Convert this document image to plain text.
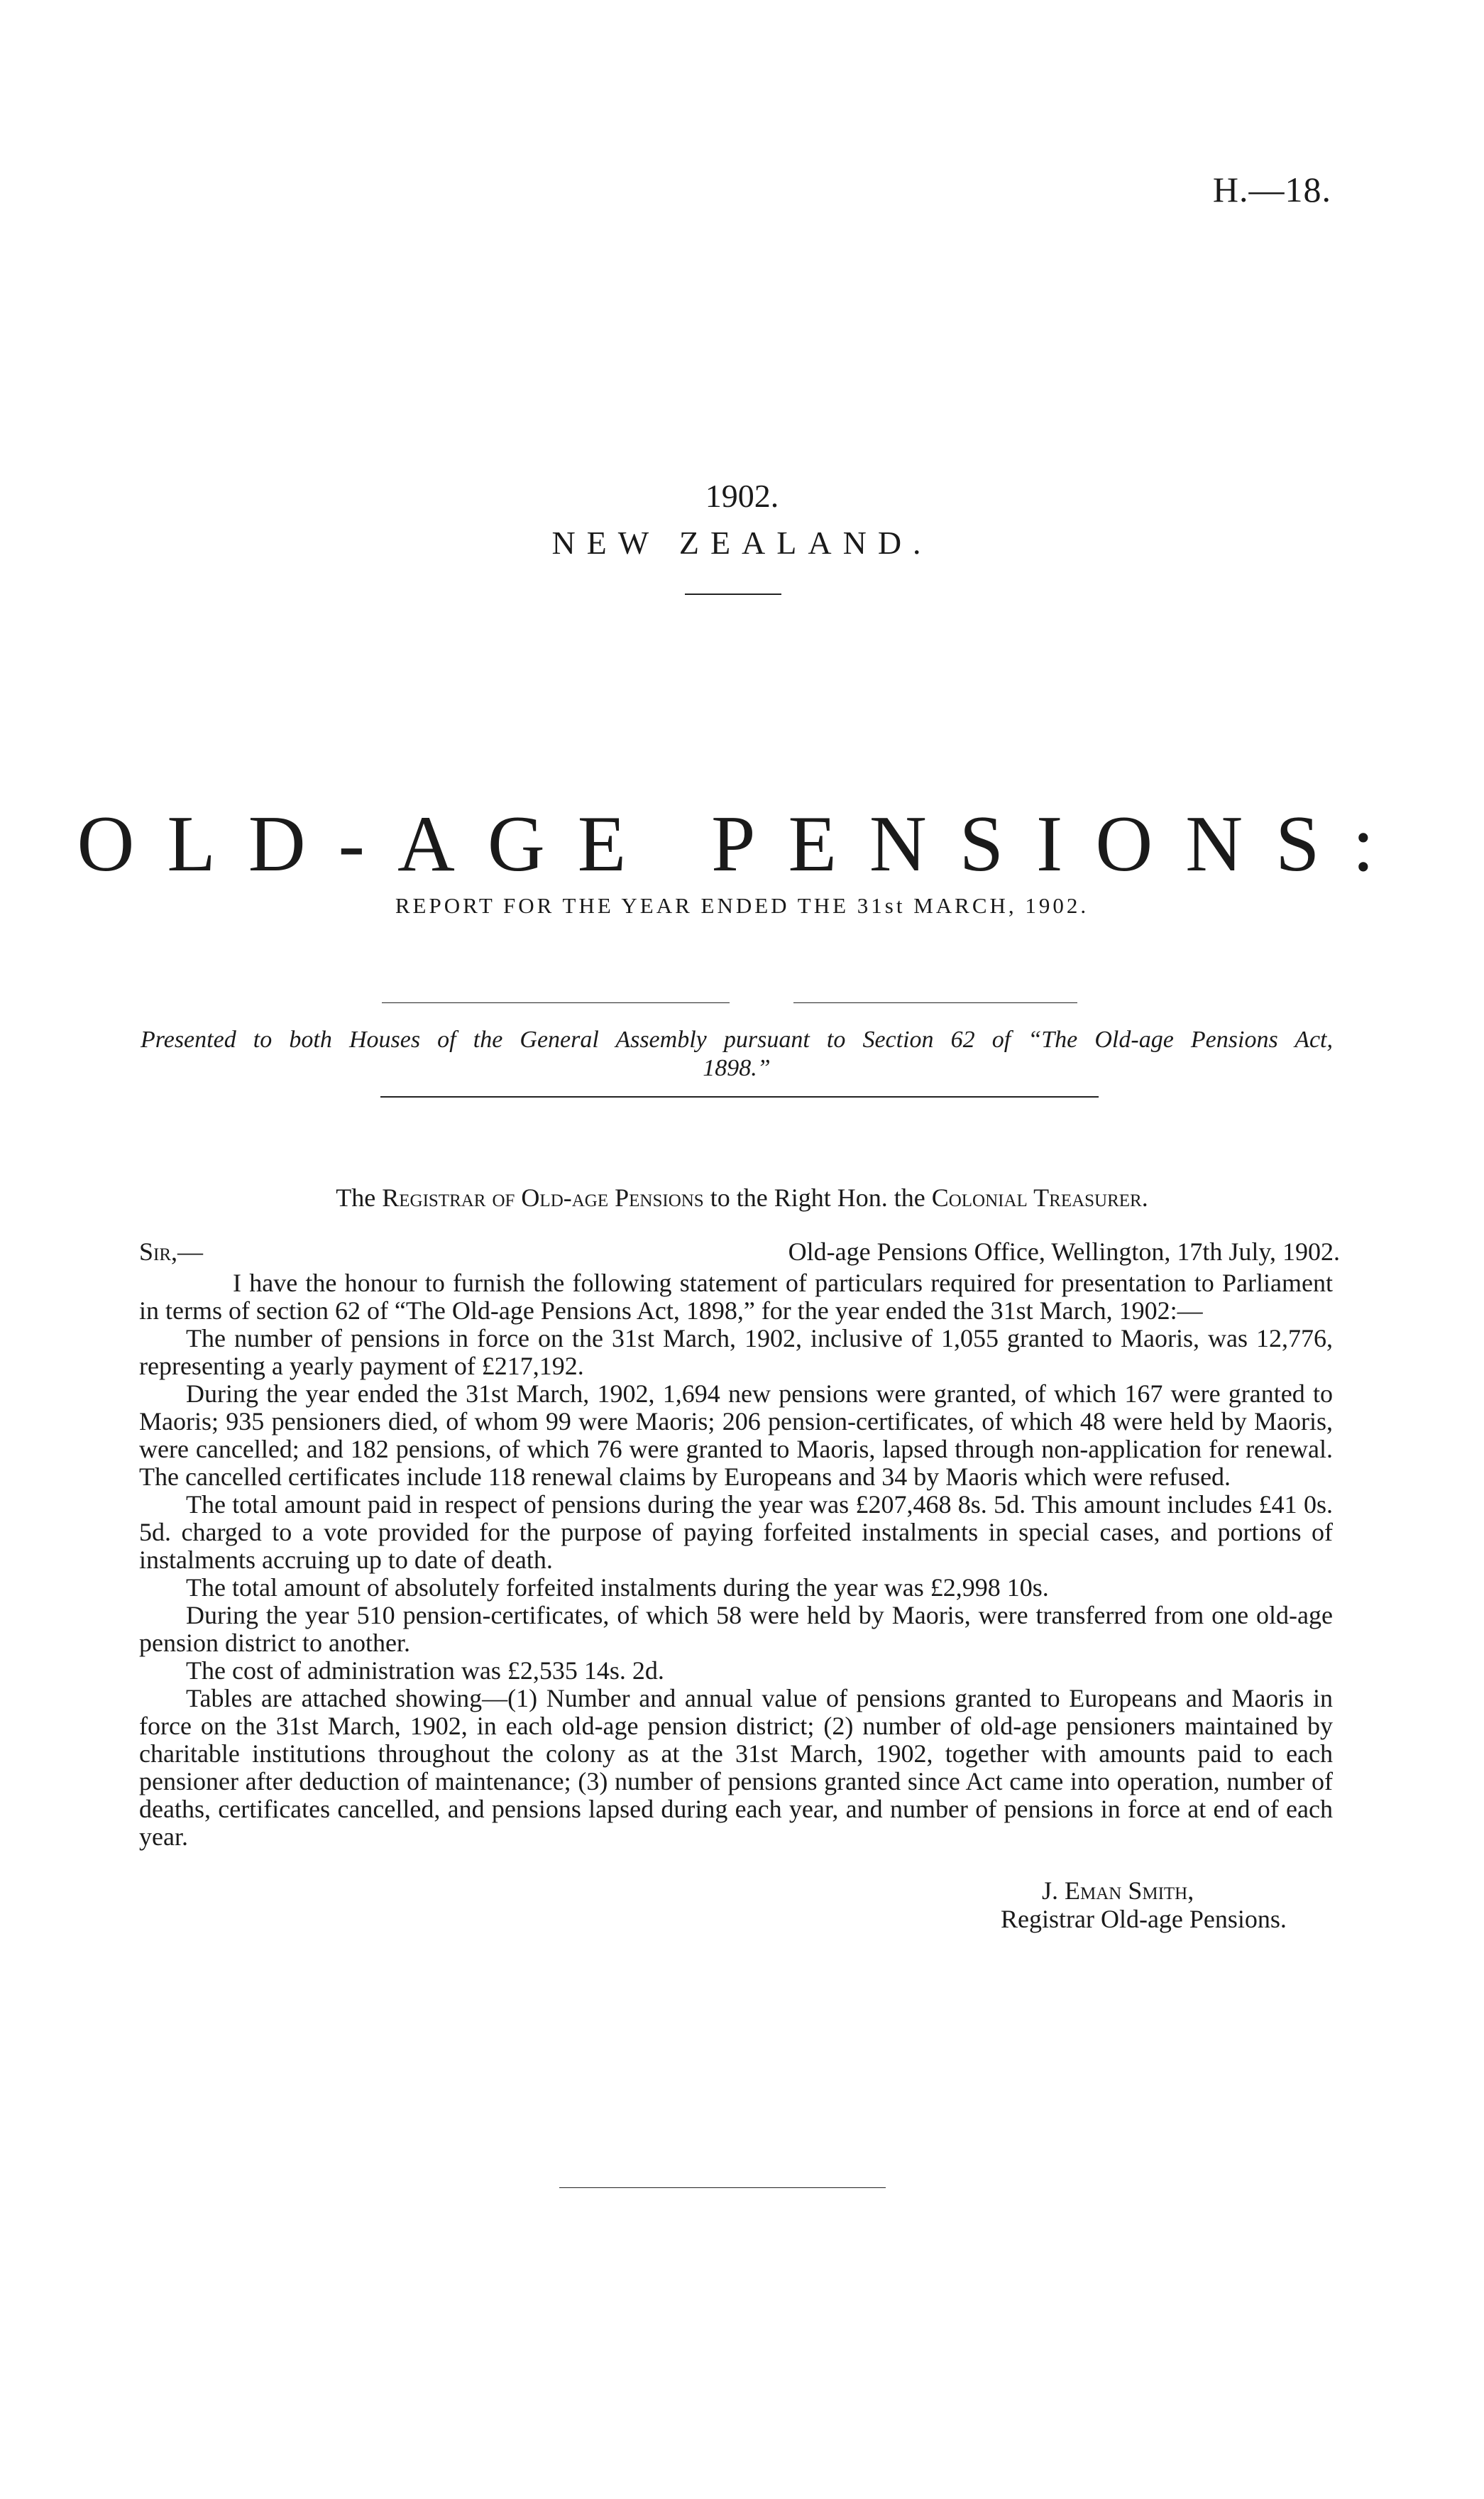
H.—18.
1902.
NEW ZEALAND.
OLD-AGE PENSIONS:
REPORT FOR THE YEAR ENDED THE 31st MARCH, 1902.
Presented to both Houses of the General Assembly pursuant to Section 62 of “The Old-age Pensions Act, 1898.”
The Registrar of Old-age Pensions to the Right Hon. the Colonial Treasurer.
Sir,—	Old-age Pensions Office, Wellington, 17th July, 1902.

I have the honour to furnish the following statement of particulars required for presentation to Parliament in terms of section 62 of “The Old-age Pensions Act, 1898,” for the year ended the 31st March, 1902:—

The number of pensions in force on the 31st March, 1902, inclusive of 1,055 granted to Maoris, was 12,776, representing a yearly payment of £217,192.

During the year ended the 31st March, 1902, 1,694 new pensions were granted, of which 167 were granted to Maoris; 935 pensioners died, of whom 99 were Maoris; 206 pension-certificates, of which 48 were held by Maoris, were cancelled; and 182 pensions, of which 76 were granted to Maoris, lapsed through non-application for renewal. The cancelled certificates include 118 renewal claims by Europeans and 34 by Maoris which were refused.

The total amount paid in respect of pensions during the year was £207,468 8s. 5d. This amount includes £41 0s. 5d. charged to a vote provided for the purpose of paying forfeited instalments in special cases, and portions of instalments accruing up to date of death.

The total amount of absolutely forfeited instalments during the year was £2,998 10s.

During the year 510 pension-certificates, of which 58 were held by Maoris, were transferred from one old-age pension district to another.

The cost of administration was £2,535 14s. 2d.

Tables are attached showing—(1) Number and annual value of pensions granted to Europeans and Maoris in force on the 31st March, 1902, in each old-age pension district; (2) number of old-age pensioners maintained by charitable institutions throughout the colony as at the 31st March, 1902, together with amounts paid to each pensioner after deduction of maintenance; (3) number of pensions granted since Act came into operation, number of deaths, certificates cancelled, and pensions lapsed during each year, and number of pensions in force at end of each year.

J. Eman Smith,
Registrar Old-age Pensions.
